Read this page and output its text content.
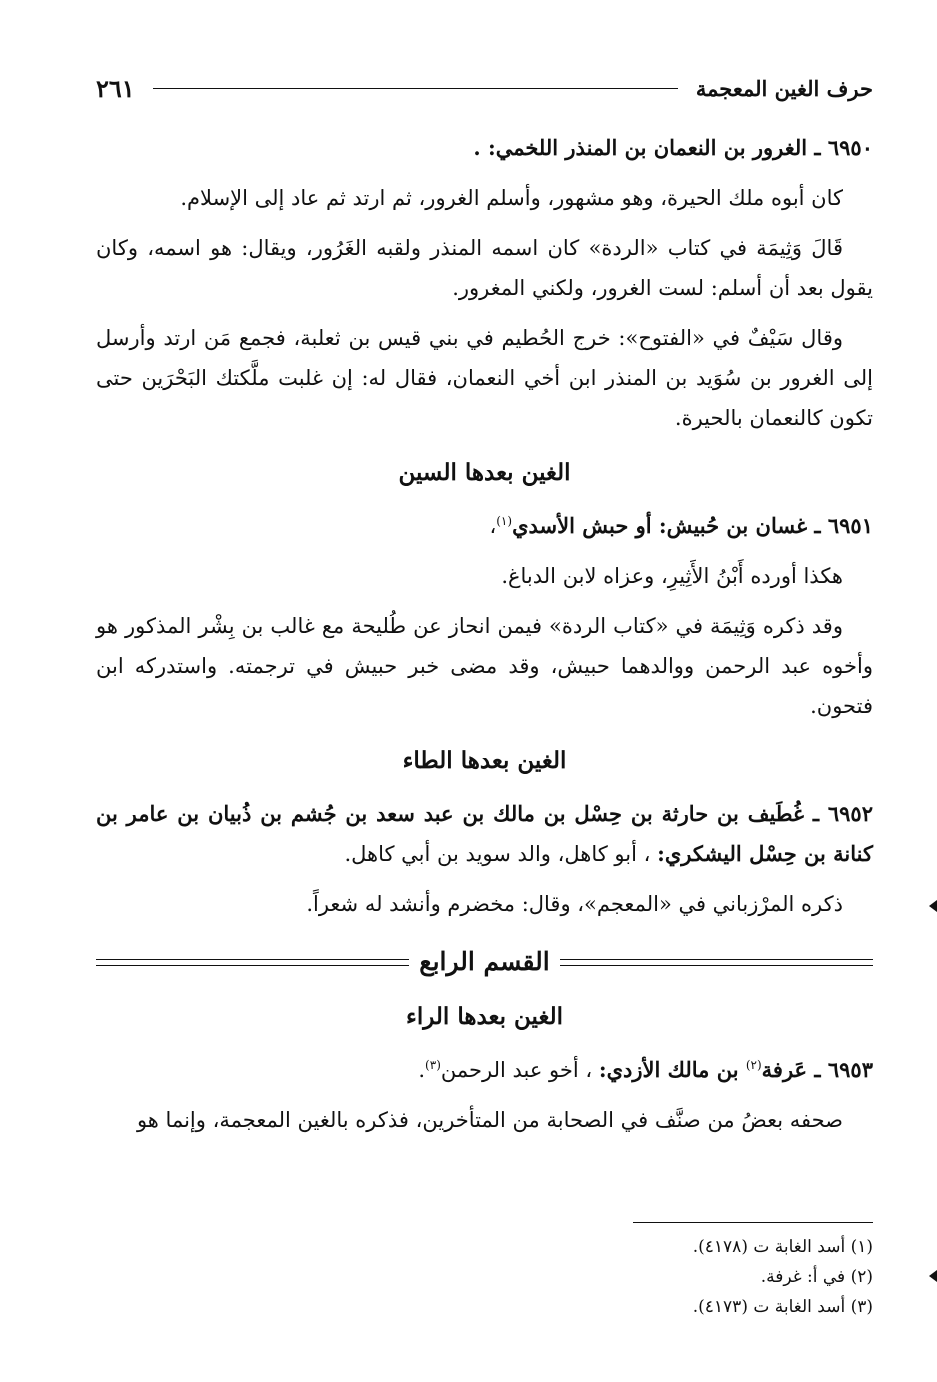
حرف الغين المعجمة
٢٦١

٦٩٥٠ ـ الغرور بن النعمان بن المنذر اللخمي: .

كان أبوه ملك الحيرة، وهو مشهور، وأسلم الغرور، ثم ارتد ثم عاد إلى الإسلام.

قَالَ وَثِيمَة في كتاب «الردة» كان اسمه المنذر ولقبه الغَرُور، ويقال: هو اسمه، وكان يقول بعد أن أسلم: لست الغرور، ولكني المغرور.

وقال سَيْفٌ في «الفتوح»: خرج الحُطيم في بني قيس بن ثعلبة، فجمع مَن ارتد وأرسل إلى الغرور بن سُوَيد بن المنذر ابن أخي النعمان، فقال له: إن غلبت ملَّكتك البَحْرَين حتى تكون كالنعمان بالحيرة.

الغين بعدها السين

٦٩٥١ ـ غسان بن حُبيش: أو حبش الأسدي$^{(١)}$،

هكذا أورده أَبْنُ الأَثِيرِ، وعزاه لابن الدباغ.

وقد ذكره وَثِيمَة في «كتاب الردة» فيمن انحاز عن طُليحة مع غالب بن بِشْر المذكور هو وأخوه عبد الرحمن ووالدهما حبيش، وقد مضى خبر حبيش في ترجمته. واستدركه ابن فتحون.

الغين بعدها الطاء

٦٩٥٢ ـ غُطَيف بن حارثة بن حِسْل بن مالك بن عبد سعد بن جُشم بن ذُبيان بن عامر بن كنانة بن حِسْل اليشكري: ، أبو كاهل، والد سويد بن أبي كاهل.

ذكره المرْزباني في «المعجم»، وقال: مخضرم وأنشد له شعراً.

القسم الرابع
الغين بعدها الراء

٦٩٥٣ ـ عَرفة$^{(٢)}$ بن مالك الأزدي: ، أخو عبد الرحمن$^{(٣)}$.

صحفه بعضُ من صنَّف في الصحابة من المتأخرين، فذكره بالغين المعجمة، وإنما هو

(١) أسد الغابة ت (٤١٧٨).
(٢) في أ: غرفة.
(٣) أسد الغابة ت (٤١٧٣).
